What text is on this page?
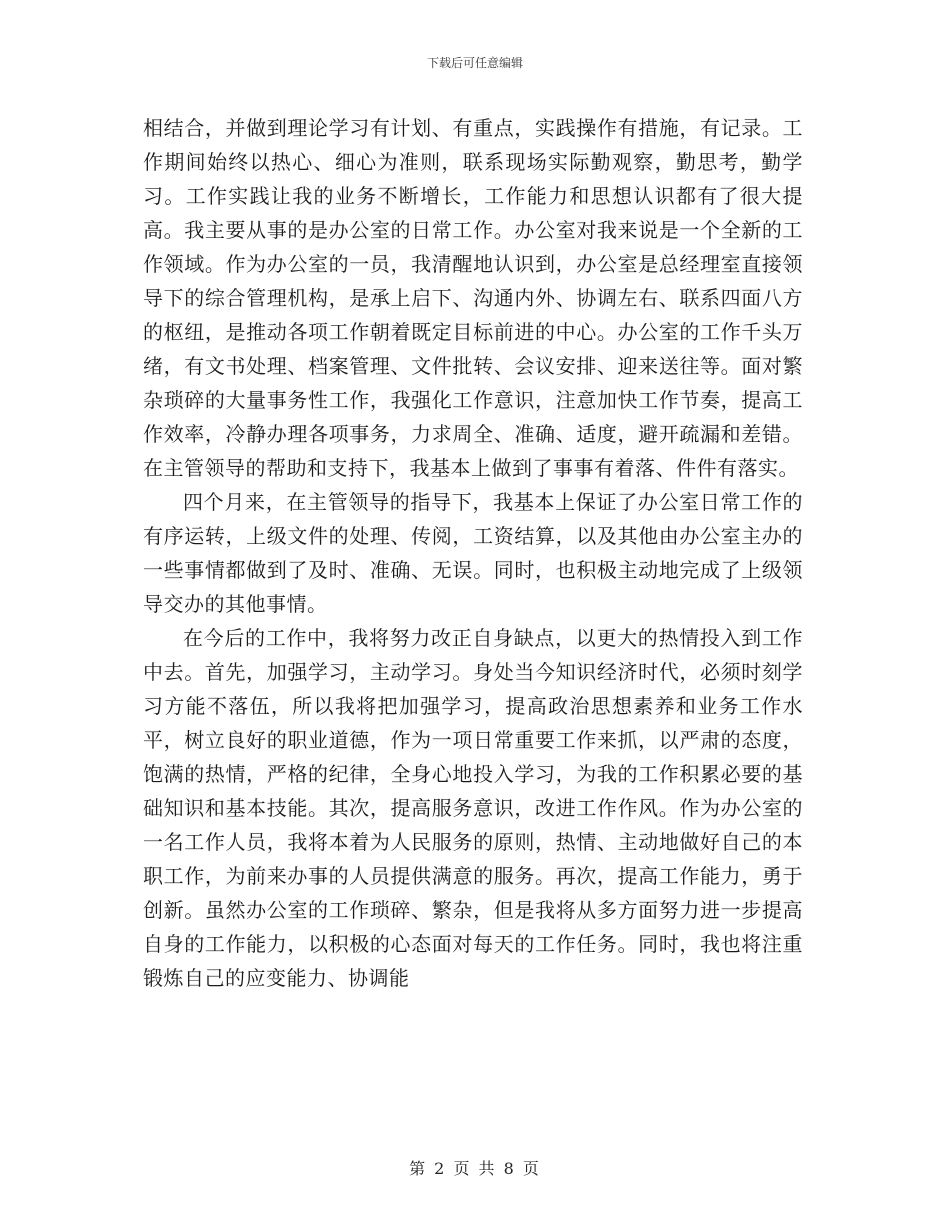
下载后可任意编辑

相结合，并做到理论学习有计划、有重点，实践操作有措施，有记录。工作期间始终以热心、细心为准则，联系现场实际勤观察，勤思考，勤学习。工作实践让我的业务不断增长，工作能力和思想认识都有了很大提高。我主要从事的是办公室的日常工作。办公室对我来说是一个全新的工作领域。作为办公室的一员，我清醒地认识到，办公室是总经理室直接领导下的综合管理机构，是承上启下、沟通内外、协调左右、联系四面八方的枢纽，是推动各项工作朝着既定目标前进的中心。办公室的工作千头万绪，有文书处理、档案管理、文件批转、会议安排、迎来送往等。面对繁杂琐碎的大量事务性工作，我强化工作意识，注意加快工作节奏，提高工作效率，冷静办理各项事务，力求周全、准确、适度，避开疏漏和差错。在主管领导的帮助和支持下，我基本上做到了事事有着落、件件有落实。

四个月来，在主管领导的指导下，我基本上保证了办公室日常工作的有序运转，上级文件的处理、传阅，工资结算，以及其他由办公室主办的一些事情都做到了及时、准确、无误。同时，也积极主动地完成了上级领导交办的其他事情。

在今后的工作中，我将努力改正自身缺点，以更大的热情投入到工作中去。首先，加强学习，主动学习。身处当今知识经济时代，必须时刻学习方能不落伍，所以我将把加强学习，提高政治思想素养和业务工作水平，树立良好的职业道德，作为一项日常重要工作来抓，以严肃的态度，饱满的热情，严格的纪律，全身心地投入学习，为我的工作积累必要的基础知识和基本技能。其次，提高服务意识，改进工作作风。作为办公室的一名工作人员，我将本着为人民服务的原则，热情、主动地做好自己的本职工作，为前来办事的人员提供满意的服务。再次，提高工作能力，勇于创新。虽然办公室的工作琐碎、繁杂，但是我将从多方面努力进一步提高自身的工作能力，以积极的心态面对每天的工作任务。同时，我也将注重锻炼自己的应变能力、协调能

第 2 页 共 8 页
